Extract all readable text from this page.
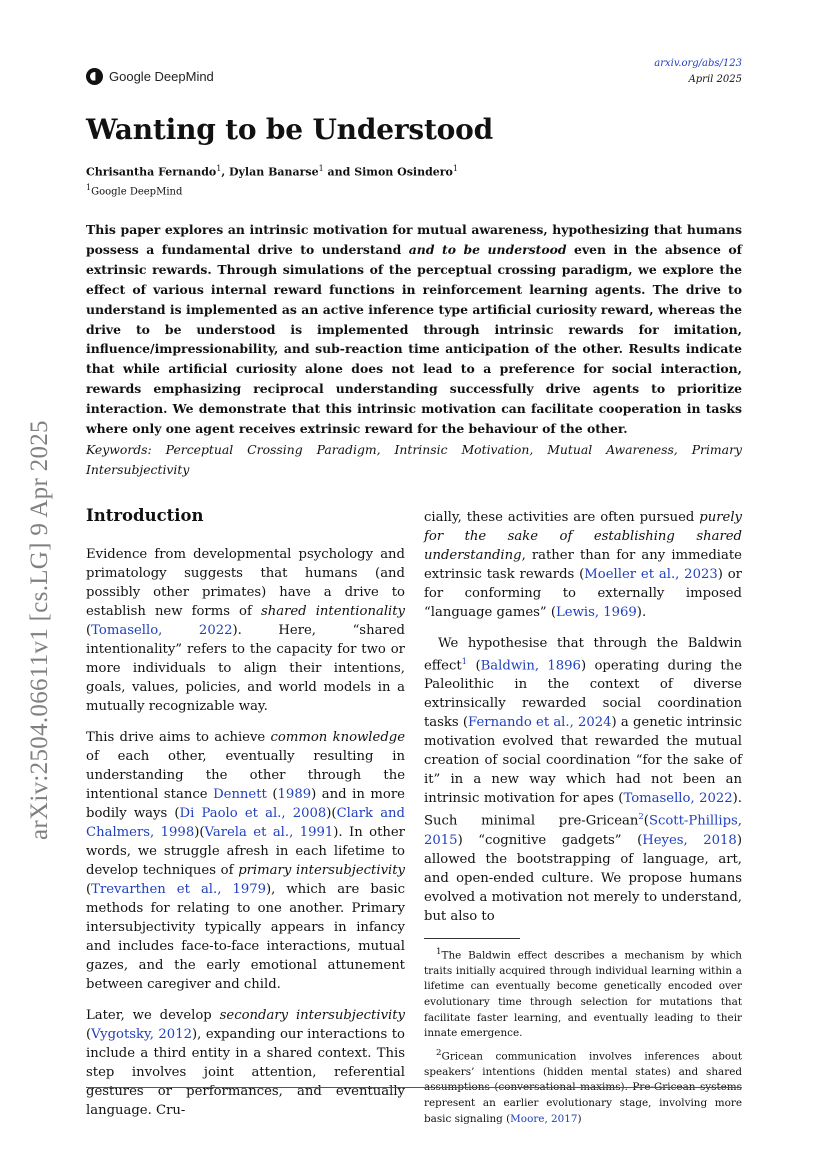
Google DeepMind
arxiv.org/abs/123
April 2025
arXiv:2504.06611v1 [cs.LG] 9 Apr 2025
Wanting to be Understood
Chrisantha Fernando$^1$, Dylan Banarse$^1$ and Simon Osindero$^1$
$^1$Google DeepMind
This paper explores an intrinsic motivation for mutual awareness, hypothesizing that humans possess a fundamental drive to understand and to be understood even in the absence of extrinsic rewards. Through simulations of the perceptual crossing paradigm, we explore the effect of various internal reward functions in reinforcement learning agents. The drive to understand is implemented as an active inference type artificial curiosity reward, whereas the drive to be understood is implemented through intrinsic rewards for imitation, influence/impressionability, and sub-reaction time anticipation of the other. Results indicate that while artificial curiosity alone does not lead to a preference for social interaction, rewards emphasizing reciprocal understanding successfully drive agents to prioritize interaction. We demonstrate that this intrinsic motivation can facilitate cooperation in tasks where only one agent receives extrinsic reward for the behaviour of the other.
Keywords: Perceptual Crossing Paradigm, Intrinsic Motivation, Mutual Awareness, Primary Intersubjectivity
Introduction

Evidence from developmental psychology and primatology suggests that humans (and possibly other primates) have a drive to establish new forms of shared intentionality (Tomasello, 2022). Here, “shared intentionality” refers to the capacity for two or more individuals to align their intentions, goals, values, policies, and world models in a mutually recognizable way.

This drive aims to achieve common knowledge of each other, eventually resulting in understanding the other through the intentional stance Dennett (1989) and in more bodily ways (Di Paolo et al., 2008)(Clark and Chalmers, 1998)(Varela et al., 1991). In other words, we struggle afresh in each lifetime to develop techniques of primary intersubjectivity (Trevarthen et al., 1979), which are basic methods for relating to one another. Primary intersubjectivity typically appears in infancy and includes face-to-face interactions, mutual gazes, and the early emotional attunement between caregiver and child.

Later, we develop secondary intersubjectivity (Vygotsky, 2012), expanding our interactions to include a third entity in a shared context. This step involves joint attention, referential gestures or performances, and eventually language. Cru-

cially, these activities are often pursued purely for the sake of establishing shared understanding, rather than for any immediate extrinsic task rewards (Moeller et al., 2023) or for conforming to externally imposed “language games” (Lewis, 1969).

We hypothesise that through the Baldwin effect$^1$ (Baldwin, 1896) operating during the Paleolithic in the context of diverse extrinsically rewarded social coordination tasks (Fernando et al., 2024) a genetic intrinsic motivation evolved that rewarded the mutual creation of social coordination “for the sake of it” in a new way which had not been an intrinsic motivation for apes (Tomasello, 2022). Such minimal pre-Gricean$^2$(Scott-Phillips, 2015) “cognitive gadgets” (Heyes, 2018) allowed the bootstrapping of language, art, and open-ended culture. We propose humans evolved a motivation not merely to understand, but also to

$^1$The Baldwin effect describes a mechanism by which traits initially acquired through individual learning within a lifetime can eventually become genetically encoded over evolutionary time through selection for mutations that facilitate faster learning, and eventually leading to their innate emergence.
$^2$Gricean communication involves inferences about speakers’ intentions (hidden mental states) and shared assumptions (conversational maxims). Pre-Gricean systems represent an earlier evolutionary stage, involving more basic signaling (Moore, 2017)
